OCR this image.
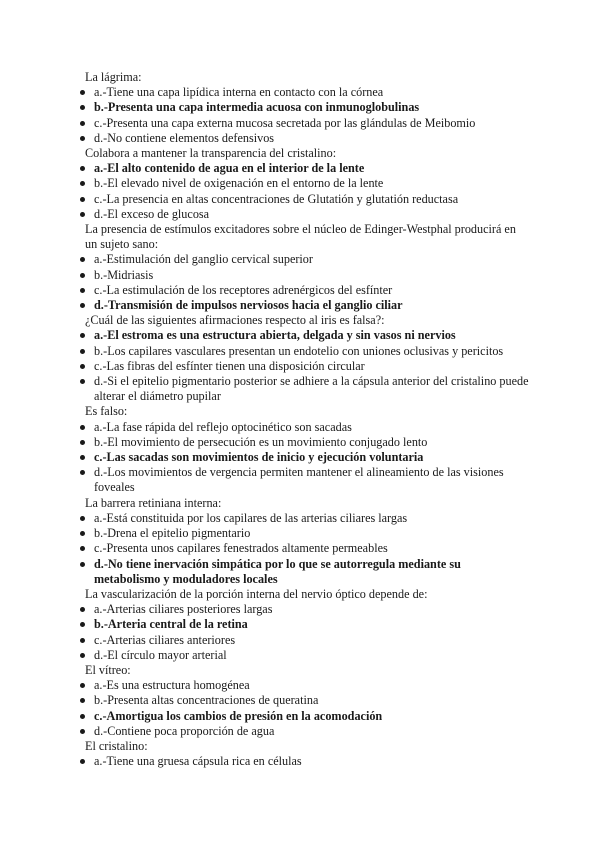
La lágrima:
a.-Tiene una capa lipídica interna en contacto con la córnea
b.-Presenta una capa intermedia acuosa con inmunoglobulinas
c.-Presenta una capa externa mucosa secretada por las glándulas de Meibomio
d.-No contiene elementos defensivos
Colabora a mantener la transparencia del cristalino:
a.-El alto contenido de agua en el interior de la lente
b.-El elevado nivel de oxigenación en el entorno de la lente
c.-La presencia en altas concentraciones de Glutatión y glutatión reductasa
d.-El exceso de glucosa
La presencia de estímulos excitadores sobre el núcleo de Edinger-Westphal producirá en un sujeto sano:
a.-Estimulación del ganglio cervical superior
b.-Midriasis
c.-La estimulación de los receptores adrenérgicos del esfínter
d.-Transmisión de impulsos nerviosos hacia el ganglio ciliar
¿Cuál de las siguientes afirmaciones respecto al iris es falsa?:
a.-El estroma es una estructura abierta, delgada y sin vasos ni nervios
b.-Los capilares vasculares presentan un endotelio con uniones oclusivas y pericitos
c.-Las fibras del esfínter tienen una disposición circular
d.-Si el epitelio pigmentario posterior se adhiere a la cápsula anterior del cristalino puede alterar el diámetro pupilar
Es falso:
a.-La fase rápida del reflejo optocinético son sacadas
b.-El movimiento de persecución es un movimiento conjugado lento
c.-Las sacadas son movimientos de inicio y ejecución voluntaria
d.-Los movimientos de vergencia permiten mantener el alineamiento de las visiones foveales
La barrera retiniana interna:
a.-Está constituida por los capilares de las arterias ciliares largas
b.-Drena el epitelio pigmentario
c.-Presenta unos capilares fenestrados altamente permeables
d.-No tiene inervación simpática por lo que se autorregula mediante su metabolismo y moduladores locales
La vascularización de la porción interna del nervio óptico depende de:
a.-Arterias ciliares posteriores largas
b.-Arteria central de la retina
c.-Arterias ciliares anteriores
d.-El círculo mayor arterial
El vítreo:
a.-Es una estructura homogénea
b.-Presenta altas concentraciones de queratina
c.-Amortigua los cambios de presión en la acomodación
d.-Contiene poca proporción de agua
El cristalino:
a.-Tiene una gruesa cápsula rica en células
